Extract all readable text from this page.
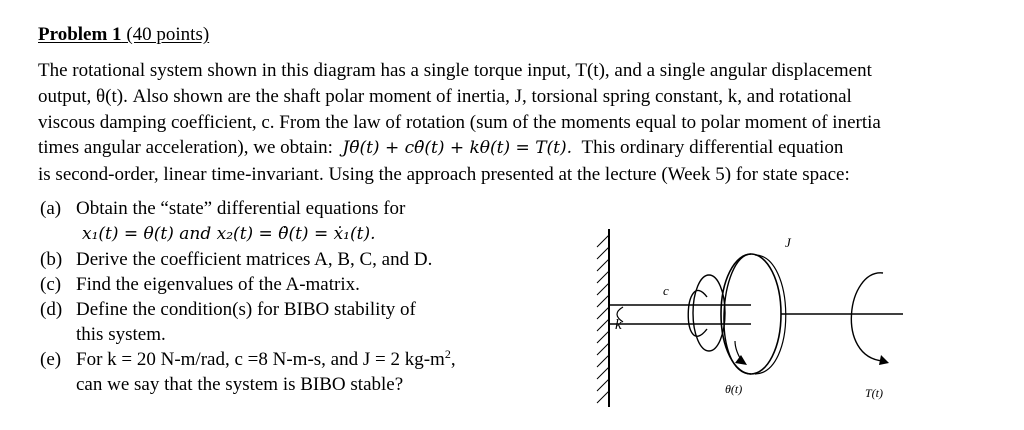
Problem 1 (40 points)
The rotational system shown in this diagram has a single torque input, T(t), and a single angular displacement
output, θ(t). Also shown are the shaft polar moment of inertia, J, torsional spring constant, k, and rotational
viscous damping coefficient, c. From the law of rotation (sum of the moments equal to polar moment of inertia
times angular acceleration), we obtain: Jθ̈(t) + cθ̇(t) + kθ(t) = T(t). This ordinary differential equation
is second-order, linear time-invariant. Using the approach presented at the lecture (Week 5) for state space:
(a) Obtain the “state” differential equations for
x₁(t) = θ(t) and x₂(t) = θ̇(t) = ẋ₁(t).
(b) Derive the coefficient matrices A, B, C, and D.
(c) Find the eigenvalues of the A-matrix.
(d) Define the condition(s) for BIBO stability of
this system.
(e) For k = 20 N-m/rad, c =8 N-m-s, and J = 2 $kg-m^2$,
can we say that the system is BIBO stable?
k
c
J
θ(t)	T(t)
